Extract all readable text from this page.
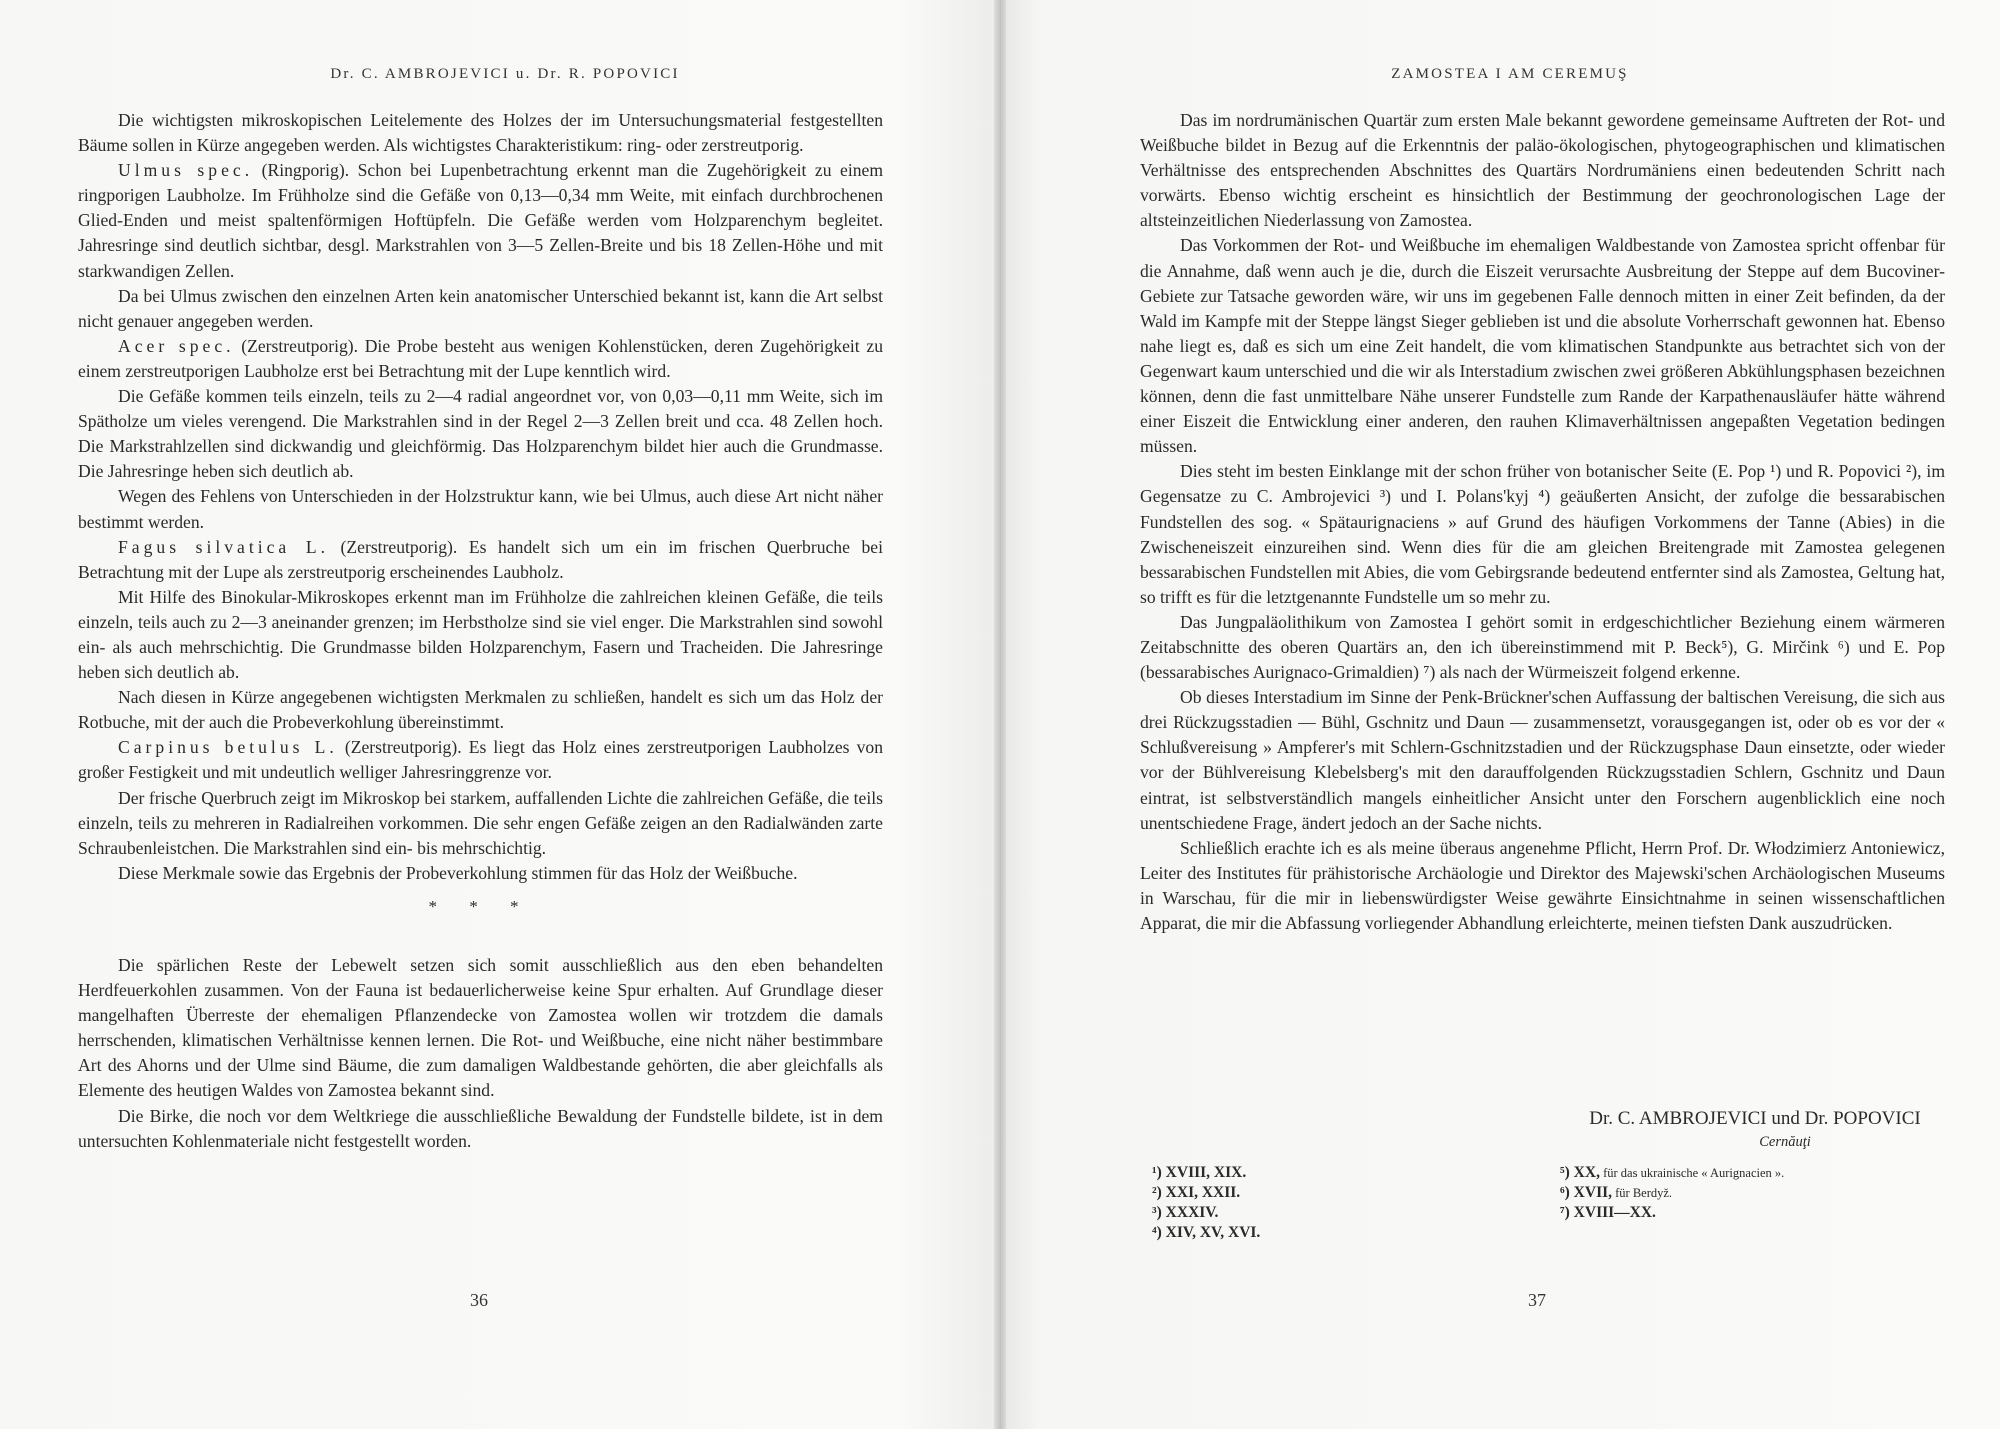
Dr. C. AMBROJEVICI u. Dr. R. POPOVICI

Die wichtigsten mikroskopischen Leitelemente des Holzes der im Untersuchungsmaterial festgestellten Bäume sollen in Kürze angegeben werden. Als wichtigstes Charakteristikum: ring- oder zerstreutporig.

Ulmus spec. (Ringporig). Schon bei Lupenbetrachtung erkennt man die Zugehörigkeit zu einem ringporigen Laubholze. Im Frühholze sind die Gefäße von 0,13—0,34 mm Weite, mit einfach durchbrochenen Glied-Enden und meist spaltenförmigen Hoftüpfeln. Die Gefäße werden vom Holzparenchym begleitet. Jahresringe sind deutlich sichtbar, desgl. Markstrahlen von 3—5 Zellen-Breite und bis 18 Zellen-Höhe und mit starkwandigen Zellen.

Da bei Ulmus zwischen den einzelnen Arten kein anatomischer Unterschied bekannt ist, kann die Art selbst nicht genauer angegeben werden.

Acer spec. (Zerstreutporig). Die Probe besteht aus wenigen Kohlenstücken, deren Zugehörigkeit zu einem zerstreutporigen Laubholze erst bei Betrachtung mit der Lupe kenntlich wird.

Die Gefäße kommen teils einzeln, teils zu 2—4 radial angeordnet vor, von 0,03—0,11 mm Weite, sich im Spätholze um vieles verengend. Die Markstrahlen sind in der Regel 2—3 Zellen breit und cca. 48 Zellen hoch. Die Markstrahlzellen sind dickwandig und gleichförmig. Das Holzparenchym bildet hier auch die Grundmasse. Die Jahresringe heben sich deutlich ab.

Wegen des Fehlens von Unterschieden in der Holzstruktur kann, wie bei Ulmus, auch diese Art nicht näher bestimmt werden.

Fagus silvatica L. (Zerstreutporig). Es handelt sich um ein im frischen Querbruche bei Betrachtung mit der Lupe als zerstreutporig erscheinendes Laubholz.

Mit Hilfe des Binokular-Mikroskopes erkennt man im Frühholze die zahlreichen kleinen Gefäße, die teils einzeln, teils auch zu 2—3 aneinander grenzen; im Herbstholze sind sie viel enger. Die Markstrahlen sind sowohl ein- als auch mehrschichtig. Die Grundmasse bilden Holzparenchym, Fasern und Tracheiden. Die Jahresringe heben sich deutlich ab.

Nach diesen in Kürze angegebenen wichtigsten Merkmalen zu schließen, handelt es sich um das Holz der Rotbuche, mit der auch die Probeverkohlung übereinstimmt.

Carpinus betulus L. (Zerstreutporig). Es liegt das Holz eines zerstreutporigen Laubholzes von großer Festigkeit und mit undeutlich welliger Jahresringgrenze vor.

Der frische Querbruch zeigt im Mikroskop bei starkem, auffallenden Lichte die zahlreichen Gefäße, die teils einzeln, teils zu mehreren in Radialreihen vorkommen. Die sehr engen Gefäße zeigen an den Radialwänden zarte Schraubenleistchen. Die Markstrahlen sind ein- bis mehrschichtig.

Diese Merkmale sowie das Ergebnis der Probeverkohlung stimmen für das Holz der Weißbuche.

* * *

Die spärlichen Reste der Lebewelt setzen sich somit ausschließlich aus den eben behandelten Herdfeuerkohlen zusammen. Von der Fauna ist bedauerlicherweise keine Spur erhalten. Auf Grundlage dieser mangelhaften Überreste der ehemaligen Pflanzendecke von Zamostea wollen wir trotzdem die damals herrschenden, klimatischen Verhältnisse kennen lernen. Die Rot- und Weißbuche, eine nicht näher bestimmbare Art des Ahorns und der Ulme sind Bäume, die zum damaligen Waldbestande gehörten, die aber gleichfalls als Elemente des heutigen Waldes von Zamostea bekannt sind.

Die Birke, die noch vor dem Weltkriege die ausschließliche Bewaldung der Fundstelle bildete, ist in dem untersuchten Kohlenmateriale nicht festgestellt worden.

36
ZAMOSTEA I AM CEREMUŞ

Das im nordrumänischen Quartär zum ersten Male bekannt gewordene gemeinsame Auftreten der Rot- und Weißbuche bildet in Bezug auf die Erkenntnis der paläo-ökologischen, phytogeographischen und klimatischen Verhältnisse des entsprechenden Abschnittes des Quartärs Nordrumäniens einen bedeutenden Schritt nach vorwärts. Ebenso wichtig erscheint es hinsichtlich der Bestimmung der geochronologischen Lage der altsteinzeitlichen Niederlassung von Zamostea.

Das Vorkommen der Rot- und Weißbuche im ehemaligen Waldbestande von Zamostea spricht offenbar für die Annahme, daß wenn auch je die, durch die Eiszeit verursachte Ausbreitung der Steppe auf dem Bucoviner-Gebiete zur Tatsache geworden wäre, wir uns im gegebenen Falle dennoch mitten in einer Zeit befinden, da der Wald im Kampfe mit der Steppe längst Sieger geblieben ist und die absolute Vorherrschaft gewonnen hat. Ebenso nahe liegt es, daß es sich um eine Zeit handelt, die vom klimatischen Standpunkte aus betrachtet sich von der Gegenwart kaum unterschied und die wir als Interstadium zwischen zwei größeren Abkühlungsphasen bezeichnen können, denn die fast unmittelbare Nähe unserer Fundstelle zum Rande der Karpathenausläufer hätte während einer Eiszeit die Entwicklung einer anderen, den rauhen Klimaverhältnissen angepaßten Vegetation bedingen müssen.

Dies steht im besten Einklange mit der schon früher von botanischer Seite (E. Pop ¹) und R. Popovici ²), im Gegensatze zu C. Ambrojevici ³) und I. Polans'kyj ⁴) geäußerten Ansicht, der zufolge die bessarabischen Fundstellen des sog. « Spätaurignaciens » auf Grund des häufigen Vorkommens der Tanne (Abies) in die Zwischeneiszeit einzureihen sind. Wenn dies für die am gleichen Breitengrade mit Zamostea gelegenen bessarabischen Fundstellen mit Abies, die vom Gebirgsrande bedeutend entfernter sind als Zamostea, Geltung hat, so trifft es für die letztgenannte Fundstelle um so mehr zu.

Das Jungpaläolithikum von Zamostea I gehört somit in erdgeschichtlicher Beziehung einem wärmeren Zeitabschnitte des oberen Quartärs an, den ich übereinstimmend mit P. Beck⁵), G. Mirčink ⁶) und E. Pop (bessarabisches Aurignaco-Grimaldien) ⁷) als nach der Würmeiszeit folgend erkenne.

Ob dieses Interstadium im Sinne der Penk-Brückner'schen Auffassung der baltischen Vereisung, die sich aus drei Rückzugsstadien — Bühl, Gschnitz und Daun — zusammensetzt, vorausgegangen ist, oder ob es vor der « Schlußvereisung » Ampferer's mit Schlern-Gschnitzstadien und der Rückzugsphase Daun einsetzte, oder wieder vor der Bühlvereisung Klebelsberg's mit den darauffolgenden Rückzugsstadien Schlern, Gschnitz und Daun eintrat, ist selbstverständlich mangels einheitlicher Ansicht unter den Forschern augenblicklich eine noch unentschiedene Frage, ändert jedoch an der Sache nichts.

Schließlich erachte ich es als meine überaus angenehme Pflicht, Herrn Prof. Dr. Włodzimierz Antoniewicz, Leiter des Institutes für prähistorische Archäologie und Direktor des Majewski'schen Archäologischen Museums in Warschau, für die mir in liebenswürdigster Weise gewährte Einsichtnahme in seinen wissenschaftlichen Apparat, die mir die Abfassung vorliegender Abhandlung erleichterte, meinen tiefsten Dank auszudrücken.

Dr. C. AMBROJEVICI und Dr. POPOVICI
Cernăuţi
¹) XVIII, XIX.
²) XXI, XXII.
³) XXXIV.
⁴) XIV, XV, XVI.
⁵) XX, für das ukrainische « Aurignacien ».
⁶) XVII, für Berdyž.
⁷) XVIII—XX.
37
